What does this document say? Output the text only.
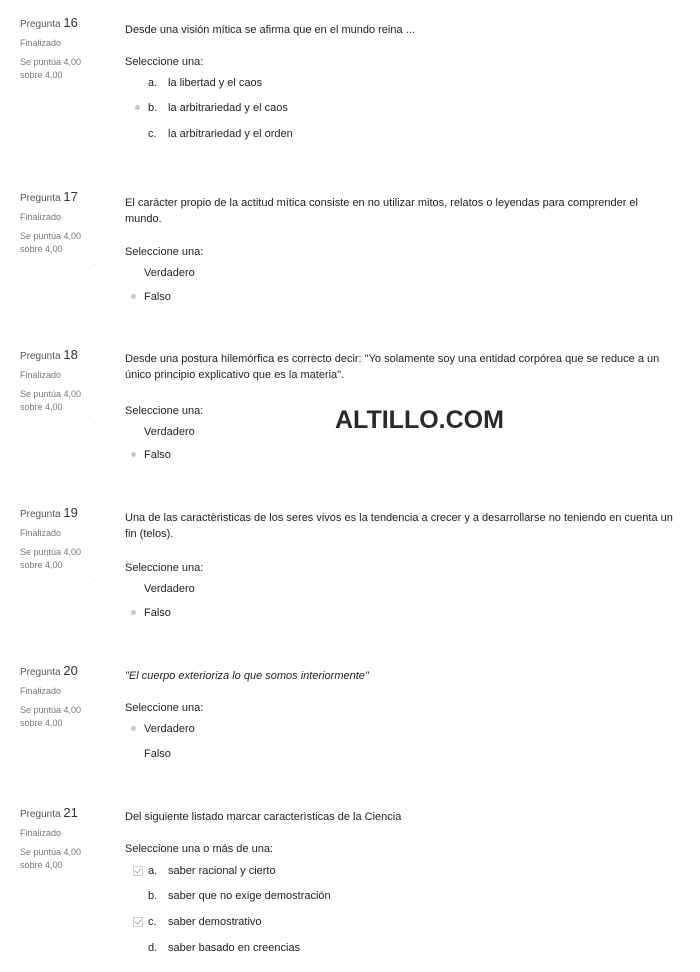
Pregunta 16
Finalizado
Se puntúa 4,00
sobre 4,00
·
Desde una visión mítica se afirma que en el mundo reina ...
Seleccione una:
a. la libertad y el caos
b. la arbitrariedad y el caos
c. la arbitrariedad y el orden
Pregunta 17
Finalizado
Se puntúa 4,00
sobre 4,00
·
El carácter propio de la actitud mítica consiste en no utilizar mitos, relatos o leyendas para comprender el
mundo.
Seleccione una:
Verdadero
Falso
Pregunta 18
Finalizado
Se puntúa 4,00
sobre 4,00
·
Desde una postura hilemórfica es correcto decir: "Yo solamente soy una entidad corpórea que se reduce a un
único principio explicativo que es la materia".
Seleccione una:
Verdadero
Falso
Pregunta 19
Finalizado
Se puntúa 4,00
sobre 4,00
·
Una de las caractèristicas de los seres vivos es la tendencia a crecer y a desarrollarse no teniendo en cuenta un
fin (telos).
Seleccione una:
Verdadero
Falso
Pregunta 20
Finalizado
Se puntúa 4,00
sobre 4,00
·
"El cuerpo exterioriza lo que somos interiormente"
Seleccione una:
Verdadero
Falso
Pregunta 21
Finalizado
Se puntúa 4,00
sobre 4,00
Del siguiente listado marcar caracterìsticas de la Ciencia
Seleccione una o más de una:
a. saber racional y cierto
b. saber que no exige demostración
c. saber demostrativo
d. saber basado en creencias
ALTILLO.COM
